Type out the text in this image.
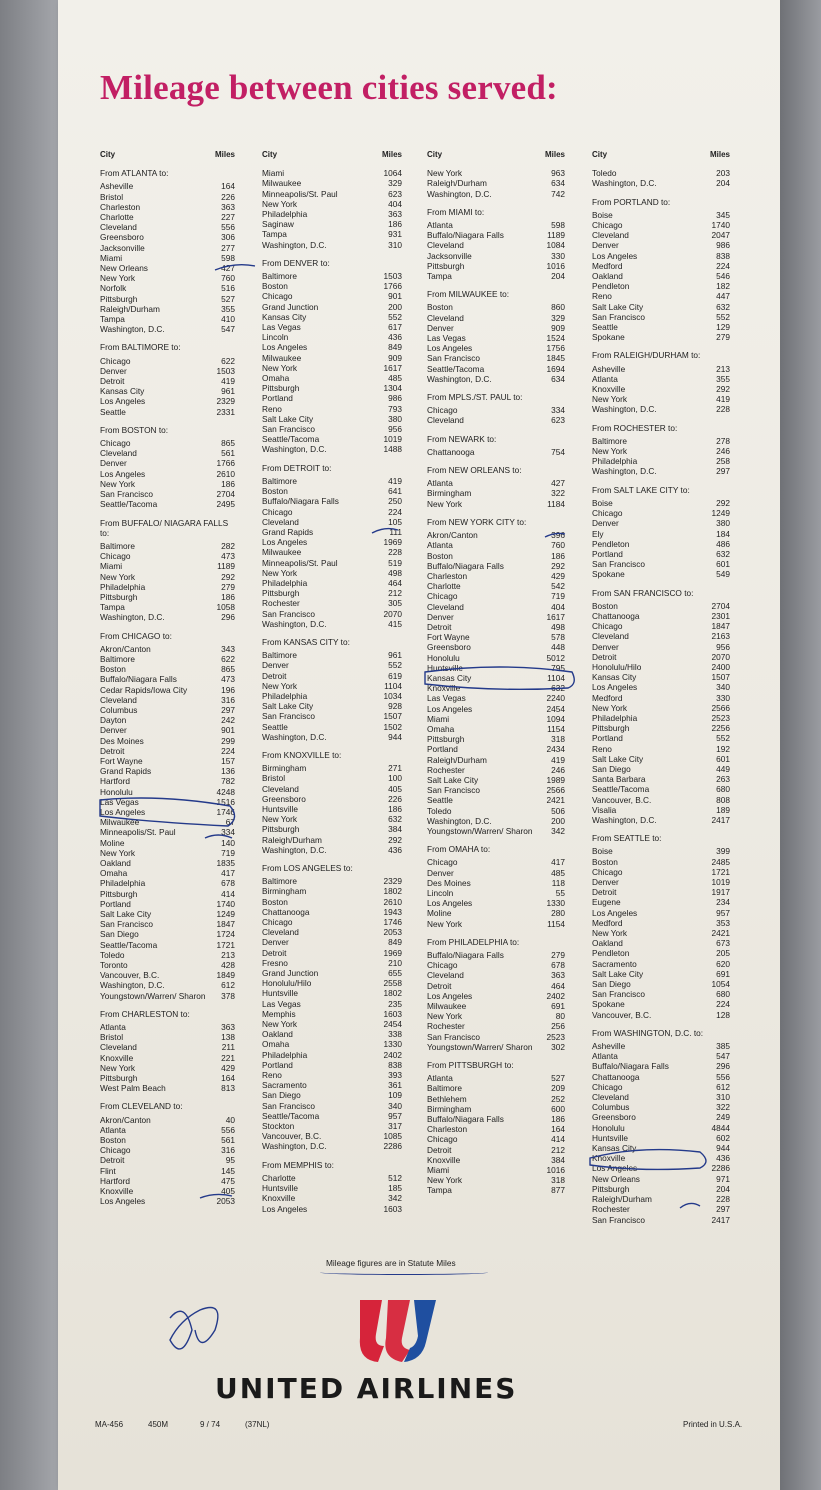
Mileage between cities served:
City	Miles
From ATLANTA to:
Asheville	164
Bristol	226
Charleston	363
Charlotte	227
Cleveland	556
Greensboro	306
Jacksonville	277
Miami	598
New Orleans	427
New York	760
Norfolk	516
Pittsburgh	527
Raleigh/Durham	355
Tampa	410
Washington, D.C.	547
From BALTIMORE to:
Chicago	622
Denver	1503
Detroit	419
Kansas City	961
Los Angeles	2329
Seattle	2331
From BOSTON to:
Chicago	865
Cleveland	561
Denver	1766
Los Angeles	2610
New York	186
San Francisco	2704
Seattle/Tacoma	2495
From BUFFALO/ NIAGARA FALLS to:
Baltimore	282
Chicago	473
Miami	1189
New York	292
Philadelphia	279
Pittsburgh	186
Tampa	1058
Washington, D.C.	296
From CHICAGO to:
Akron/Canton	343
Baltimore	622
Boston	865
Buffalo/Niagara Falls	473
Cedar Rapids/Iowa City	196
Cleveland	316
Columbus	297
Dayton	242
Denver	901
Des Moines	299
Detroit	224
Fort Wayne	157
Grand Rapids	136
Hartford	782
Honolulu	4248
Las Vegas	1516
Los Angeles	1746
Milwaukee	67
Minneapolis/St. Paul	334
Moline	140
New York	719
Oakland	1835
Omaha	417
Philadelphia	678
Pittsburgh	414
Portland	1740
Salt Lake City	1249
San Francisco	1847
San Diego	1724
Seattle/Tacoma	1721
Toledo	213
Toronto	428
Vancouver, B.C.	1849
Washington, D.C.	612
Youngstown/Warren/ Sharon 378
From CHARLESTON to:
Atlanta	363
Bristol	138
Cleveland	211
Knoxville	221
New York	429
Pittsburgh	164
West Palm Beach	813
From CLEVELAND to:
Akron/Canton	40
Atlanta	556
Boston	561
Chicago	316
Detroit	95
Flint	145
Hartford	475
Knoxville	405
Los Angeles	2053
City	Miles
Miami	1064
Milwaukee	329
Minneapolis/St. Paul	623
New York	404
Philadelphia	363
Saginaw	186
Tampa	931
Washington, D.C.	310
From DENVER to:
Baltimore	1503
Boston	1766
Chicago	901
Grand Junction	200
Kansas City	552
Las Vegas	617
Lincoln	436
Los Angeles	849
Milwaukee	909
New York	1617
Omaha	485
Pittsburgh	1304
Portland	986
Reno	793
Salt Lake City	380
San Francisco	956
Seattle/Tacoma	1019
Washington, D.C.	1488
From DETROIT to:
Baltimore	419
Boston	641
Buffalo/Niagara Falls	250
Chicago	224
Cleveland	105
Grand Rapids	111
Los Angeles	1969
Milwaukee	228
Minneapolis/St. Paul	519
New York	498
Philadelphia	464
Pittsburgh	212
Rochester	305
San Francisco	2070
Washington, D.C.	415
From KANSAS CITY to:
Baltimore	961
Denver	552
Detroit	619
New York	1104
Philadelphia	1034
Salt Lake City	928
San Francisco	1507
Seattle	1502
Washington, D.C.	944
From KNOXVILLE to:
Birmingham	271
Bristol	100
Cleveland	405
Greensboro	226
Huntsville	186
New York	632
Pittsburgh	384
Raleigh/Durham	292
Washington, D.C.	436
From LOS ANGELES to:
Baltimore	2329
Birmingham	1802
Boston	2610
Chattanooga	1943
Chicago	1746
Cleveland	2053
Denver	849
Detroit	1969
Fresno	210
Grand Junction	655
Honolulu/Hilo	2558
Huntsville	1802
Las Vegas	235
Memphis	1603
New York	2454
Oakland	338
Omaha	1330
Philadelphia	2402
Portland	838
Reno	393
Sacramento	361
San Diego	109
San Francisco	340
Seattle/Tacoma	957
Stockton	317
Vancouver, B.C.	1085
Washington, D.C.	2286
From MEMPHIS to:
Charlotte	512
Huntsville	185
Knoxville	342
Los Angeles	1603
City	Miles
New York	963
Raleigh/Durham	634
Washington, D.C.	742
From MIAMI to:
Atlanta	598
Buffalo/Niagara Falls	1189
Cleveland	1084
Jacksonville	330
Pittsburgh	1016
Tampa	204
From MILWAUKEE to:
Boston	860
Cleveland	329
Denver	909
Las Vegas	1524
Los Angeles	1756
San Francisco	1845
Seattle/Tacoma	1694
Washington, D.C.	634
From MPLS./ST. PAUL to:
Chicago	334
Cleveland	623
From NEWARK to:
Chattanooga	754
From NEW ORLEANS to:
Atlanta	427
Birmingham	322
New York	1184
From NEW YORK CITY to:
Akron/Canton	396
Atlanta	760
Boston	186
Buffalo/Niagara Falls	292
Charleston	429
Charlotte	542
Chicago	719
Cleveland	404
Denver	1617
Detroit	498
Fort Wayne	578
Greensboro	448
Honolulu	5012
Huntsville	795
Kansas City	1104
Knoxville	632
Las Vegas	2240
Los Angeles	2454
Miami	1094
Omaha	1154
Pittsburgh	318
Portland	2434
Raleigh/Durham	419
Rochester	246
Salt Lake City	1989
San Francisco	2566
Seattle	2421
Toledo	506
Washington, D.C.	200
Youngstown/Warren/ Sharon 342
From OMAHA to:
Chicago	417
Denver	485
Des Moines	118
Lincoln	55
Los Angeles	1330
Moline	280
New York	1154
From PHILADELPHIA to:
Buffalo/Niagara Falls	279
Chicago	678
Cleveland	363
Detroit	464
Los Angeles	2402
Milwaukee	691
New York	80
Rochester	256
San Francisco	2523
Youngstown/Warren/ Sharon 302
From PITTSBURGH to:
Atlanta	527
Baltimore	209
Bethlehem	252
Birmingham	600
Buffalo/Niagara Falls	186
Charleston	164
Chicago	414
Detroit	212
Knoxville	384
Miami	1016
New York	318
Tampa	877
City	Miles
Toledo	203
Washington, D.C.	204
From PORTLAND to:
Boise	345
Chicago	1740
Cleveland	2047
Denver	986
Los Angeles	838
Medford	224
Oakland	546
Pendleton	182
Reno	447
Salt Lake City	632
San Francisco	552
Seattle	129
Spokane	279
From RALEIGH/DURHAM to:
Asheville	213
Atlanta	355
Knoxville	292
New York	419
Washington, D.C.	228
From ROCHESTER to:
Baltimore	278
New York	246
Philadelphia	258
Washington, D.C.	297
From SALT LAKE CITY to:
Boise	292
Chicago	1249
Denver	380
Ely	184
Pendleton	486
Portland	632
San Francisco	601
Spokane	549
From SAN FRANCISCO to:
Boston	2704
Chattanooga	2301
Chicago	1847
Cleveland	2163
Denver	956
Detroit	2070
Honolulu/Hilo	2400
Kansas City	1507
Los Angeles	340
Medford	330
New York	2566
Philadelphia	2523
Pittsburgh	2256
Portland	552
Reno	192
Salt Lake City	601
San Diego	449
Santa Barbara	263
Seattle/Tacoma	680
Vancouver, B.C.	808
Visalia	189
Washington, D.C.	2417
From SEATTLE to:
Boise	399
Boston	2485
Chicago	1721
Denver	1019
Detroit	1917
Eugene	234
Los Angeles	957
Medford	353
New York	2421
Oakland	673
Pendleton	205
Sacramento	620
Salt Lake City	691
San Diego	1054
San Francisco	680
Spokane	224
Vancouver, B.C.	128
From WASHINGTON, D.C. to:
Asheville	385
Atlanta	547
Buffalo/Niagara Falls	296
Chattanooga	556
Chicago	612
Cleveland	310
Columbus	322
Greensboro	249
Honolulu	4844
Huntsville	602
Kansas City	944
Knoxville	436
Los Angeles	2286
New Orleans	971
Pittsburgh	204
Raleigh/Durham	228
Rochester	297
San Francisco	2417
Mileage figures are in Statute Miles
UNITED AIRLINES
MA-456	450M	9 / 74	(37NL)	Printed in U.S.A.
